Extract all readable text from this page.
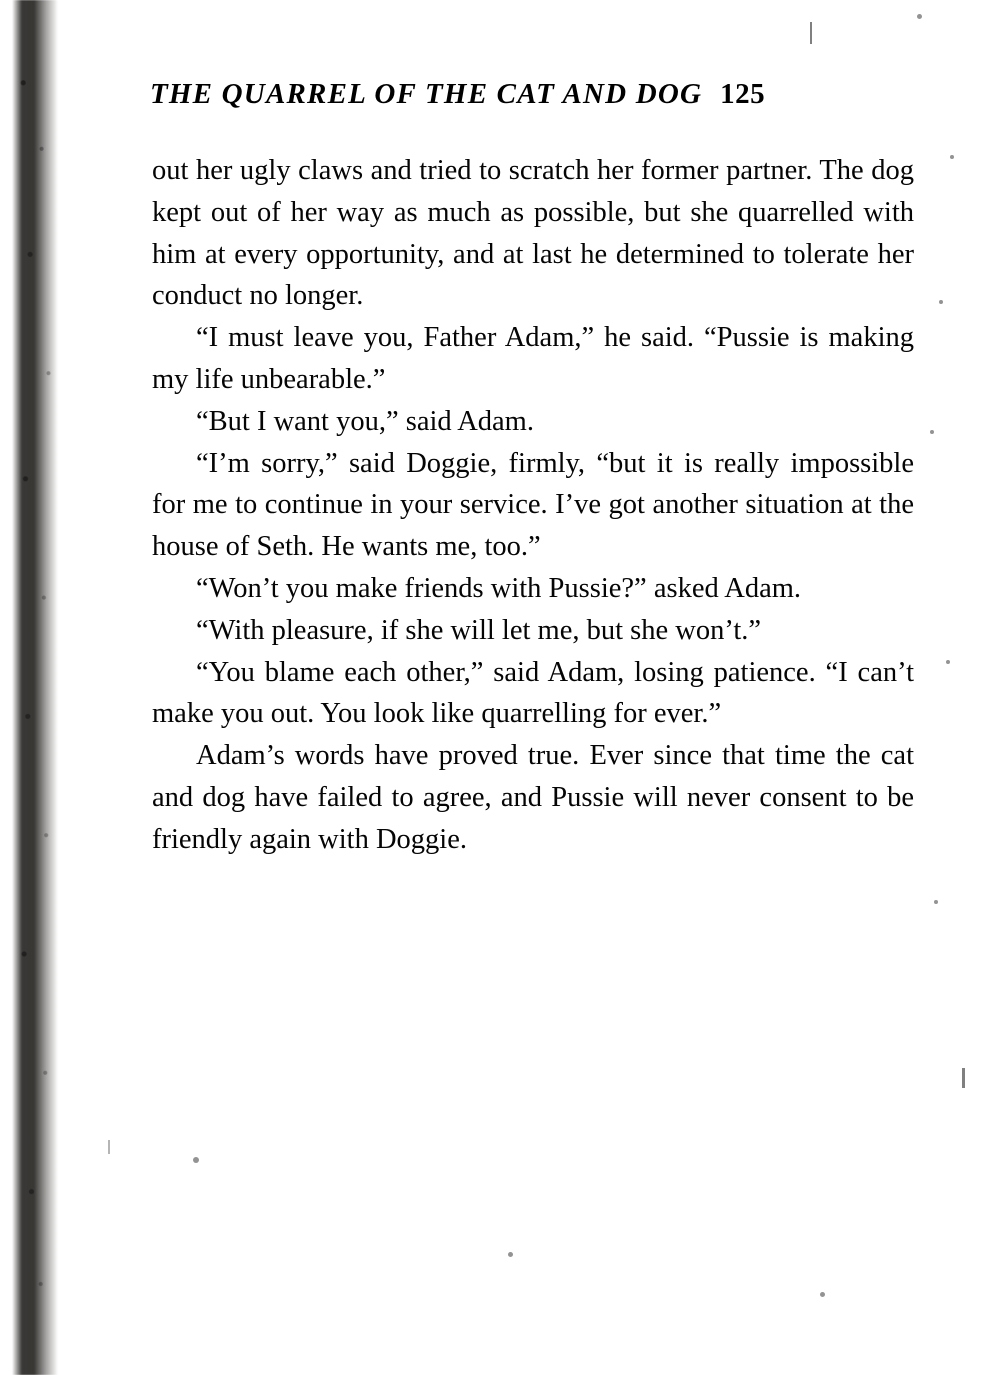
THE QUARREL OF THE CAT AND DOG 125

out her ugly claws and tried to scratch her former partner. The dog kept out of her way as much as possible, but she quarrelled with him at every opportunity, and at last he determined to tolerate her conduct no longer.

“I must leave you, Father Adam,” he said. “Pussie is making my life unbearable.”

“But I want you,” said Adam.

“I’m sorry,” said Doggie, firmly, “but it is really impossible for me to continue in your service. I’ve got another situation at the house of Seth. He wants me, too.”

“Won’t you make friends with Pussie?” asked Adam.

“With pleasure, if she will let me, but she won’t.”

“You blame each other,” said Adam, losing patience. “I can’t make you out. You look like quarrelling for ever.”

Adam’s words have proved true. Ever since that time the cat and dog have failed to agree, and Pussie will never consent to be friendly again with Doggie.
